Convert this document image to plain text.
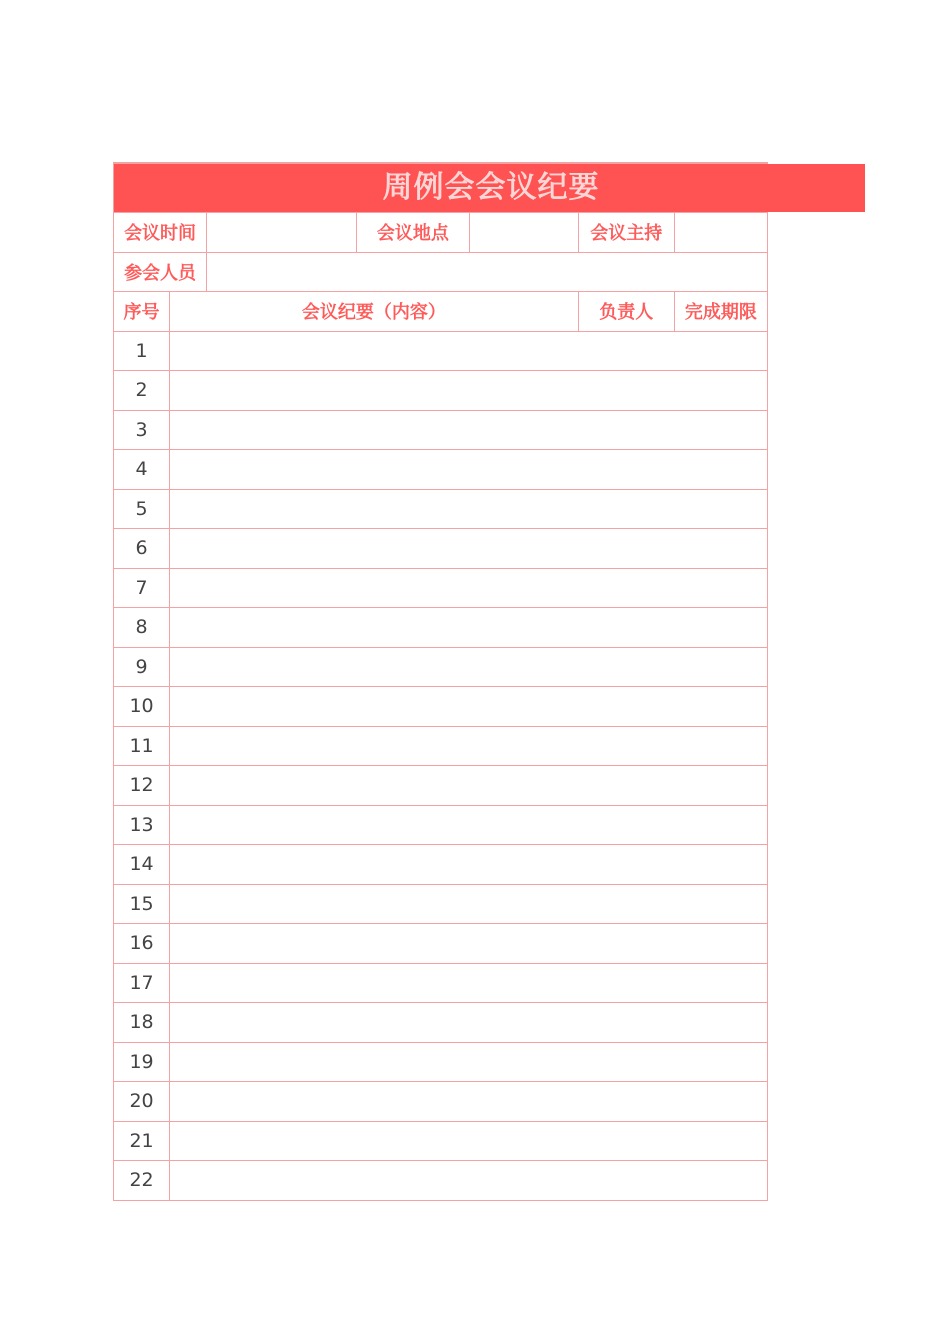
周例会会议纪要
会议时间			会议地点		会议主持	
参会人员						
序号	会议纪要（内容）				负责人	完成期限
1						
2						
3						
4						
5						
6						
7						
8						
9						
10						
11						
12						
13						
14						
15						
16						
17						
18						
19						
20						
21						
22						
